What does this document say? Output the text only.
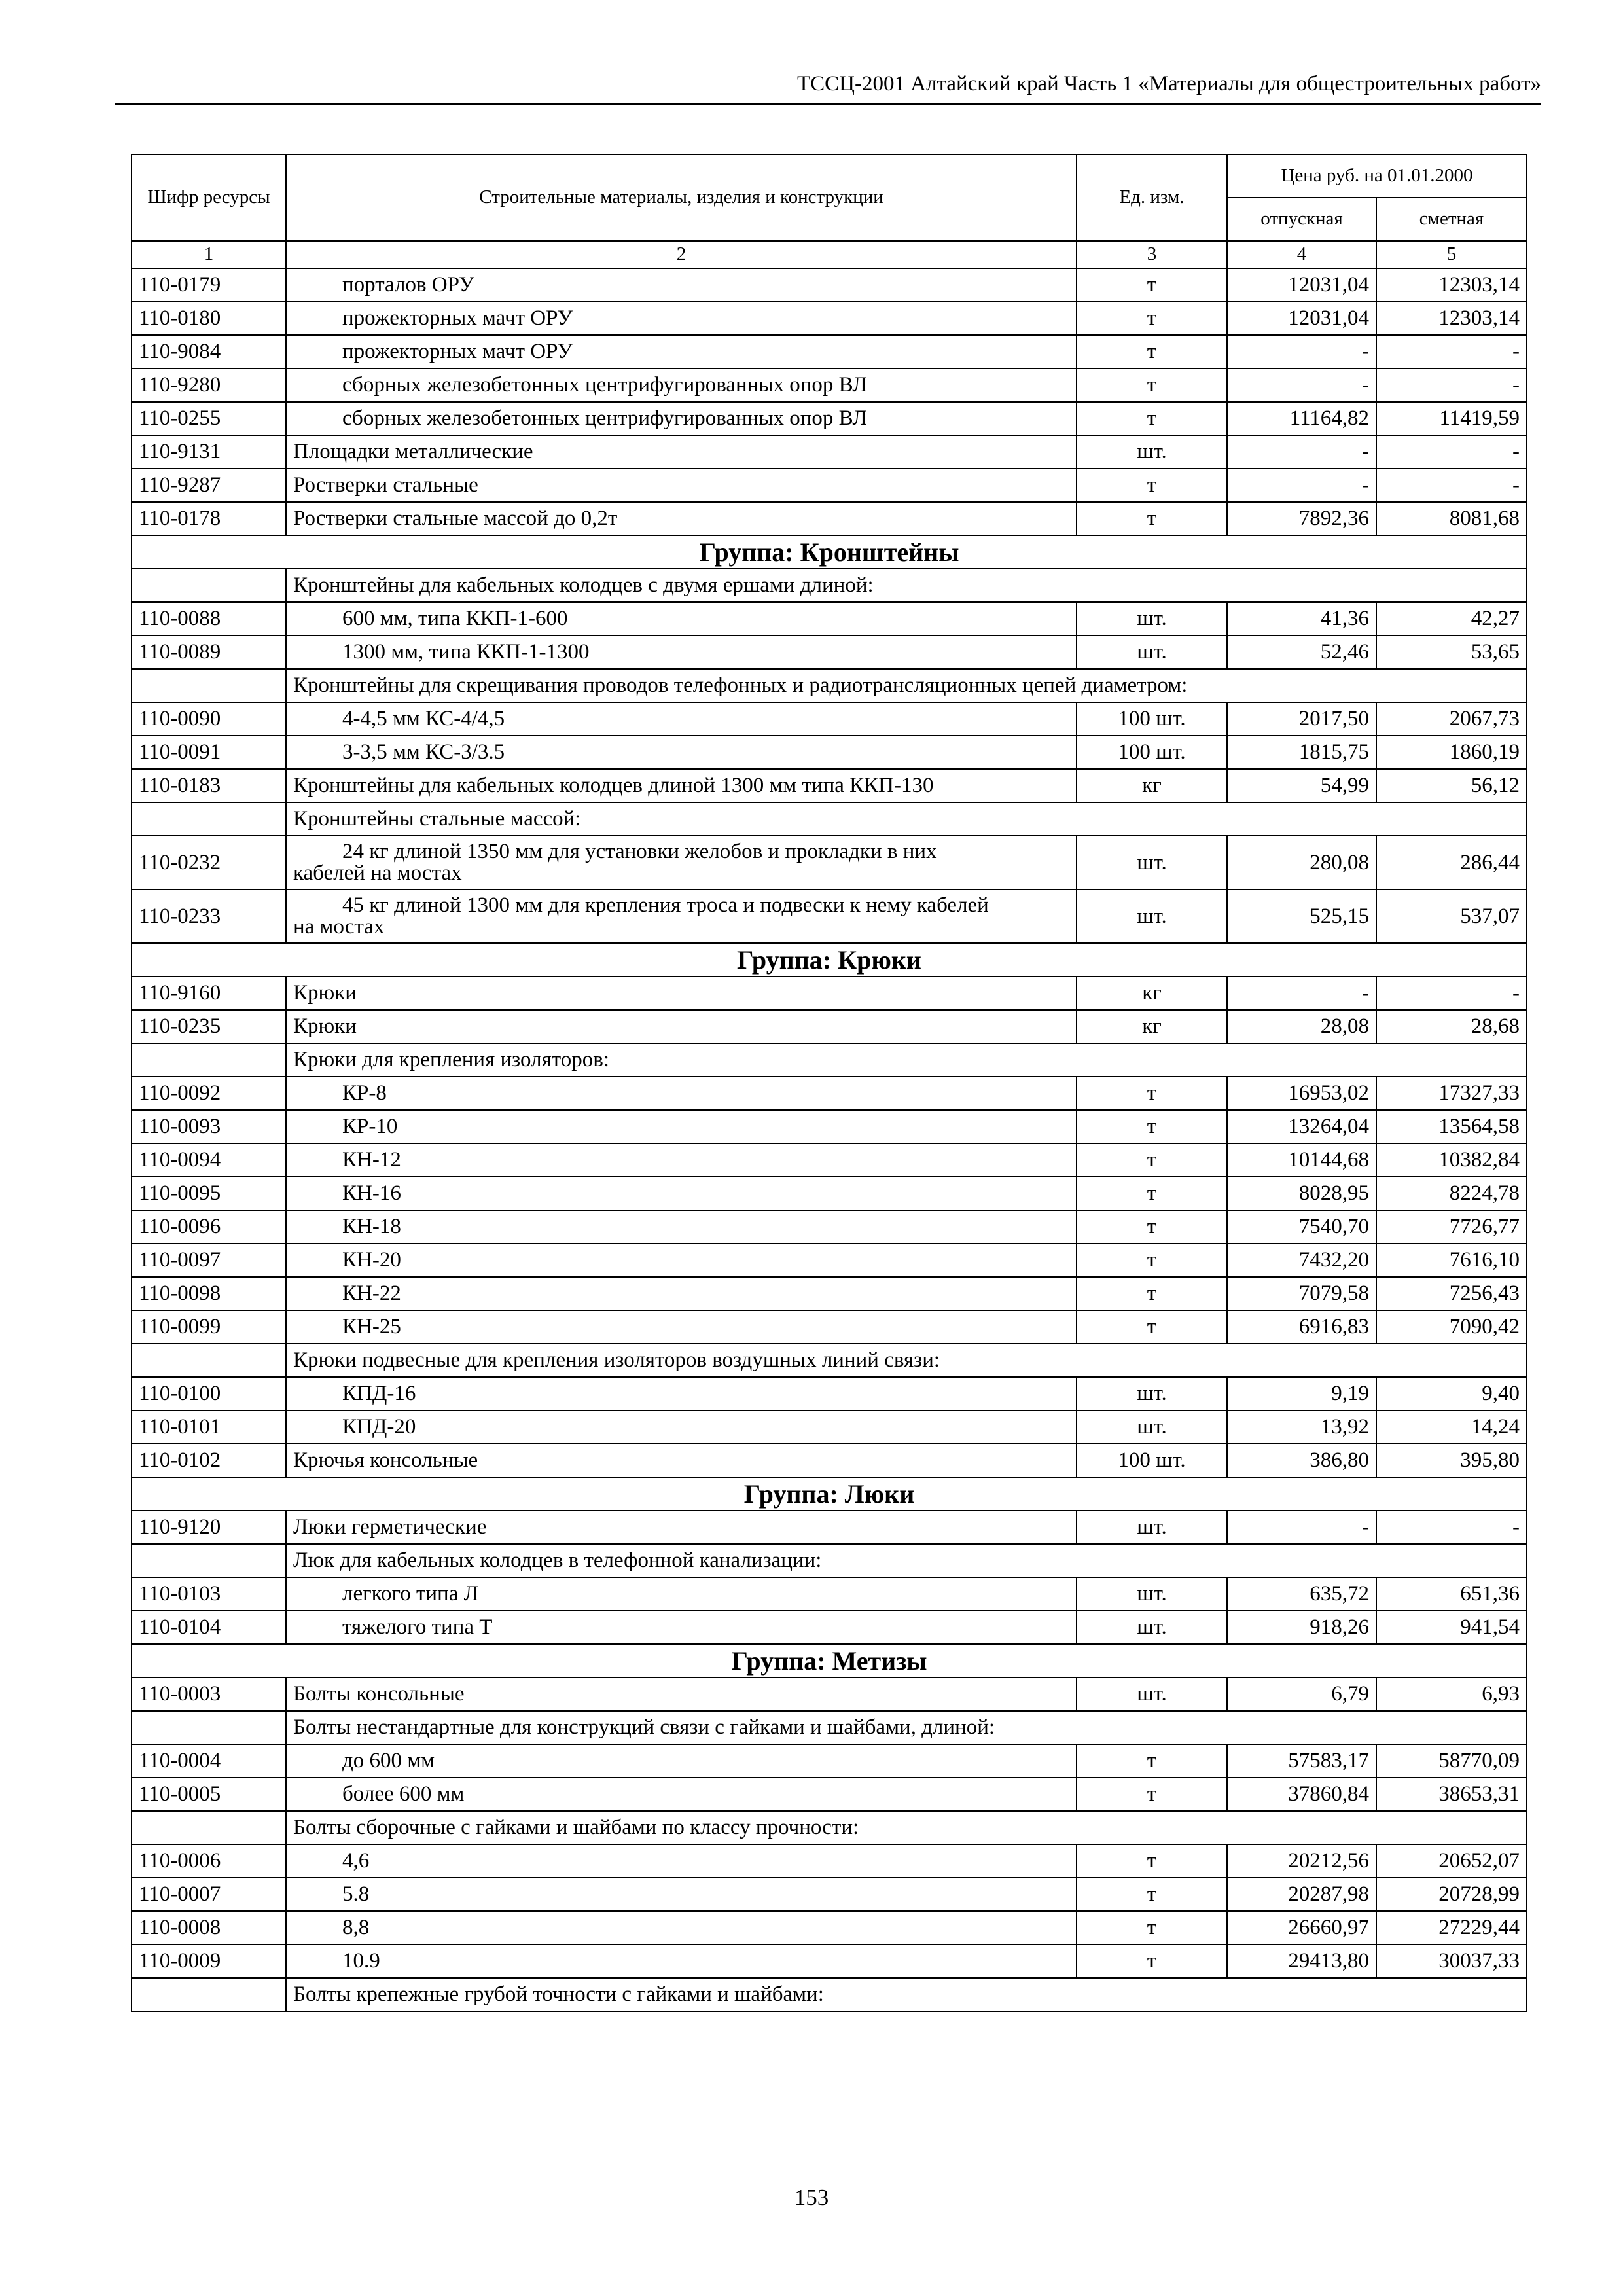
ТССЦ-2001 Алтайский край Часть 1 «Материалы для общестроительных работ»
Шифр ресурсы	Строительные материалы, изделия и конструкции	Ед. изм.	Цена руб. на 01.01.2000	
			отпускная	сметная
1	2	3	4	5
110-0179	порталов ОРУ	т	12031,04	12303,14
110-0180	прожекторных мачт ОРУ	т	12031,04	12303,14
110-9084	прожекторных мачт ОРУ	т	-	-
110-9280	сборных железобетонных центрифугированных опор ВЛ	т	-	-
110-0255	сборных железобетонных центрифугированных опор ВЛ	т	11164,82	11419,59
110-9131	Площадки металлические	шт.	-	-
110-9287	Ростверки стальные	т	-	-
110-0178	Ростверки стальные массой до 0,2т	т	7892,36	8081,68
Группа: Кронштейны				
	Кронштейны для кабельных колодцев с двумя ершами длиной:			
110-0088	600 мм, типа ККП-1-600	шт.	41,36	42,27
110-0089	1300 мм, типа ККП-1-1300	шт.	52,46	53,65
	Кронштейны для скрещивания проводов телефонных и радиотрансляционных цепей диаметром:			
110-0090	4-4,5 мм КС-4/4,5	100 шт.	2017,50	2067,73
110-0091	3-3,5 мм КС-3/3.5	100 шт.	1815,75	1860,19
110-0183	Кронштейны для кабельных колодцев длиной 1300 мм типа ККП-130	кг	54,99	56,12
	Кронштейны стальные массой:			
110-0232	24 кг длиной 1350 мм для установки желобов и прокладки в них
кабелей на мостах	шт.	280,08	286,44
110-0233	45 кг длиной 1300 мм для крепления троса и подвески к нему кабелей
на мостах	шт.	525,15	537,07
Группа: Крюки				
110-9160	Крюки	кг	-	-
110-0235	Крюки	кг	28,08	28,68
	Крюки для крепления изоляторов:			
110-0092	КР-8	т	16953,02	17327,33
110-0093	КР-10	т	13264,04	13564,58
110-0094	КН-12	т	10144,68	10382,84
110-0095	КН-16	т	8028,95	8224,78
110-0096	КН-18	т	7540,70	7726,77
110-0097	КН-20	т	7432,20	7616,10
110-0098	КН-22	т	7079,58	7256,43
110-0099	КН-25	т	6916,83	7090,42
	Крюки подвесные для крепления изоляторов воздушных линий связи:			
110-0100	КПД-16	шт.	9,19	9,40
110-0101	КПД-20	шт.	13,92	14,24
110-0102	Крючья консольные	100 шт.	386,80	395,80
Группа: Люки				
110-9120	Люки герметические	шт.	-	-
	Люк для кабельных колодцев в телефонной канализации:			
110-0103	легкого типа Л	шт.	635,72	651,36
110-0104	тяжелого типа Т	шт.	918,26	941,54
Группа: Метизы				
110-0003	Болты консольные	шт.	6,79	6,93
	Болты нестандартные для конструкций связи с гайками и шайбами, длиной:			
110-0004	до 600 мм	т	57583,17	58770,09
110-0005	более 600 мм	т	37860,84	38653,31
	Болты сборочные с гайками и шайбами по классу прочности:			
110-0006	4,6	т	20212,56	20652,07
110-0007	5.8	т	20287,98	20728,99
110-0008	8,8	т	26660,97	27229,44
110-0009	10.9	т	29413,80	30037,33
	Болты крепежные грубой точности с гайками и шайбами:			
153
